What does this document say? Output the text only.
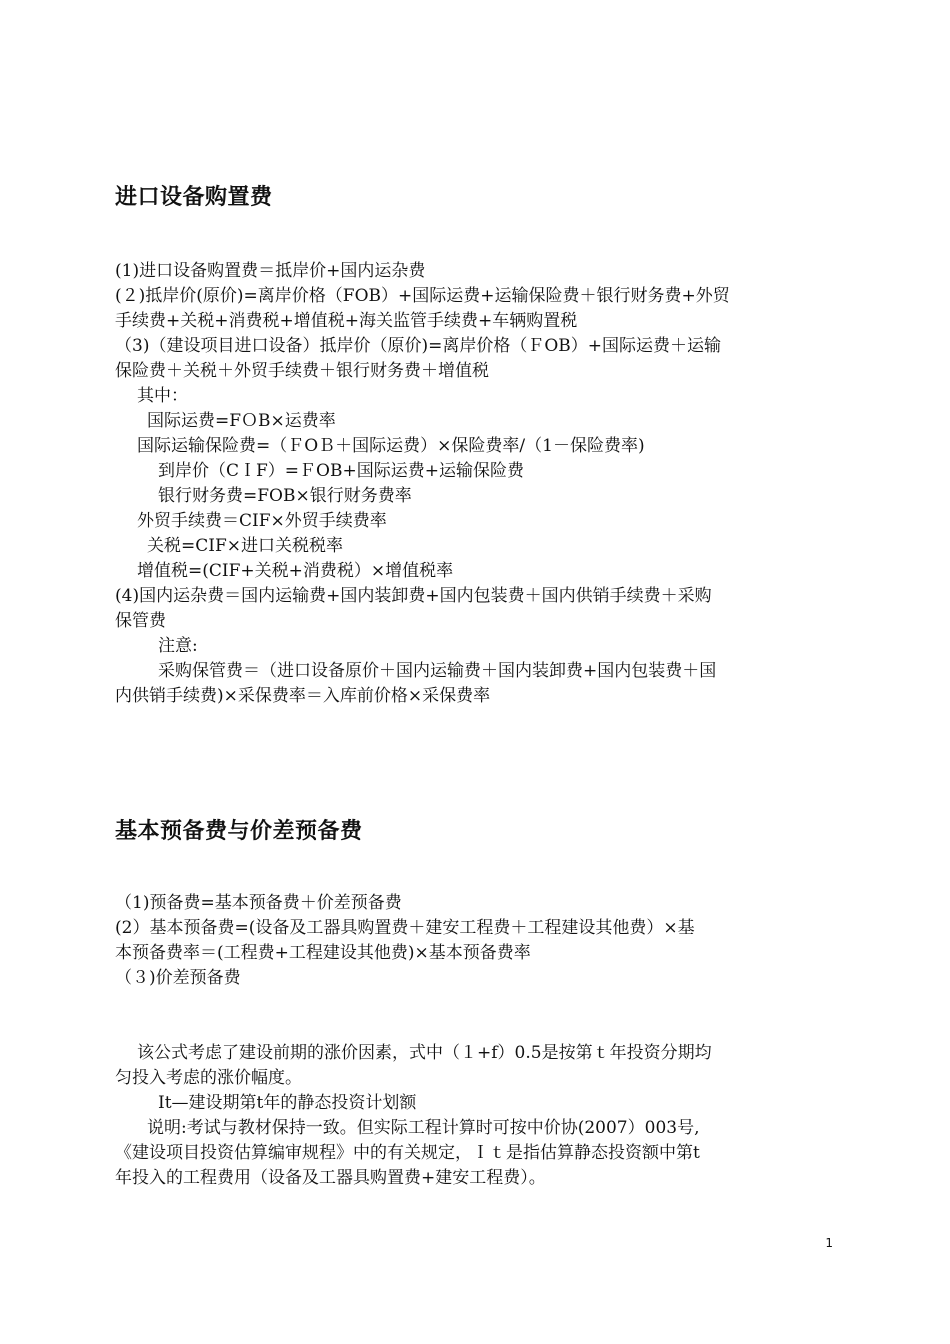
进口设备购置费
(1)进口设备购置费＝抵岸价+国内运杂费
(２)抵岸价(原价)=离岸价格（FOB）+国际运费+运输保险费＋银行财务费+外贸
手续费+关税+消费税+增值税+海关监管手续费+车辆购置税
（3)（建设项目进口设备）抵岸价（原价)=离岸价格（ＦOB）+国际运费＋运输
保险费＋关税＋外贸手续费＋银行财务费＋增值税
其中：
国际运费=FＯB×运费率
国际运输保险费=（ＦOＢ＋国际运费）×保险费率/（1－保险费率)
到岸价（CＩF）=ＦOB+国际运费+运输保险费
银行财务费=FOB×银行财务费率
外贸手续费＝CIF×外贸手续费率
关税=CIF×进口关税税率
增值税=(CIF+关税+消费税）×增值税率
(4)国内运杂费＝国内运输费+国内装卸费+国内包装费＋国内供销手续费＋采购
保管费
注意:
采购保管费＝（进口设备原价＋国内运输费＋国内装卸费+国内包装费＋国
内供销手续费)×采保费率＝入库前价格×采保费率
基本预备费与价差预备费
（1)预备费=基本预备费＋价差预备费
(2）基本预备费=(设备及工器具购置费＋建安工程费＋工程建设其他费）×基
本预备费率＝(工程费+工程建设其他费)×基本预备费率
（３)价差预备费
该公式考虑了建设前期的涨价因素，式中（１+f）0.5是按第ｔ年投资分期均
匀投入考虑的涨价幅度。
It—建设期第t年的静态投资计划额
说明:考试与教材保持一致。但实际工程计算时可按中价协(2007）003号,
《建设项目投资估算编审规程》中的有关规定，Ｉｔ是指估算静态投资额中第t
年投入的工程费用（设备及工器具购置费+建安工程费）。
1
